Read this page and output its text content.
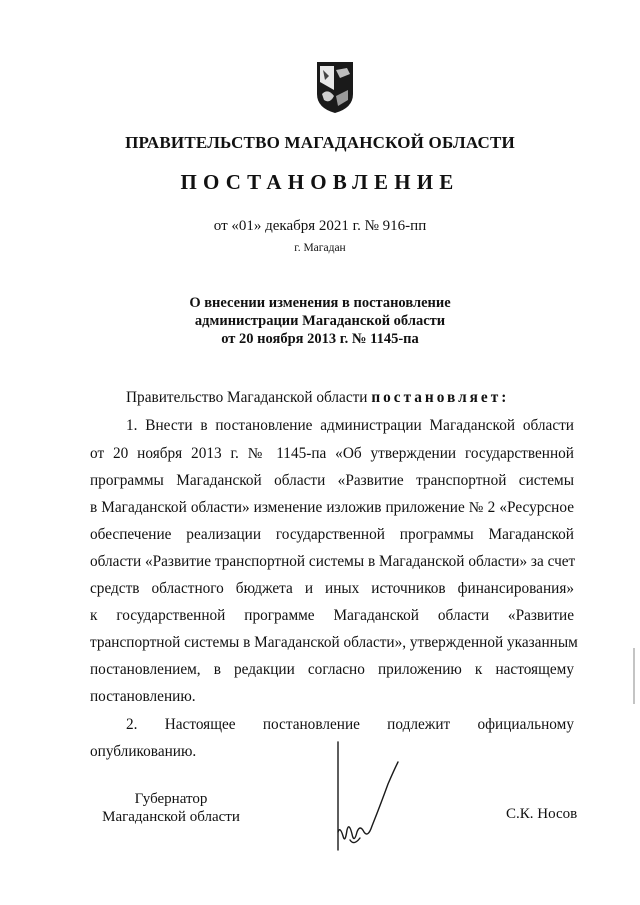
ПРАВИТЕЛЬСТВО МАГАДАНСКОЙ ОБЛАСТИ
ПОСТАНОВЛЕНИЕ
от «01» декабря 2021 г. № 916-пп
г. Магадан
О внесении изменения в постановление
администрации Магаданской области
от 20 ноября 2013 г. № 1145-па
Правительство Магаданской области постановляет:
1. Внести в постановление администрации Магаданской области
от 20 ноября 2013 г. № 1145-па «Об утверждении государственной
программы Магаданской области «Развитие транспортной системы
в Магаданской области» изменение изложив приложение № 2 «Ресурсное
обеспечение реализации государственной программы Магаданской
области «Развитие транспортной системы в Магаданской области» за счет
средств областного бюджета и иных источников финансирования»
к государственной программе Магаданской области «Развитие
транспортной системы в Магаданской области», утвержденной указанным
постановлением, в редакции согласно приложению к настоящему
постановлению.
2. Настоящее постановление подлежит официальному
опубликованию.
Губернатор
Магаданской области	С.К. Носов
